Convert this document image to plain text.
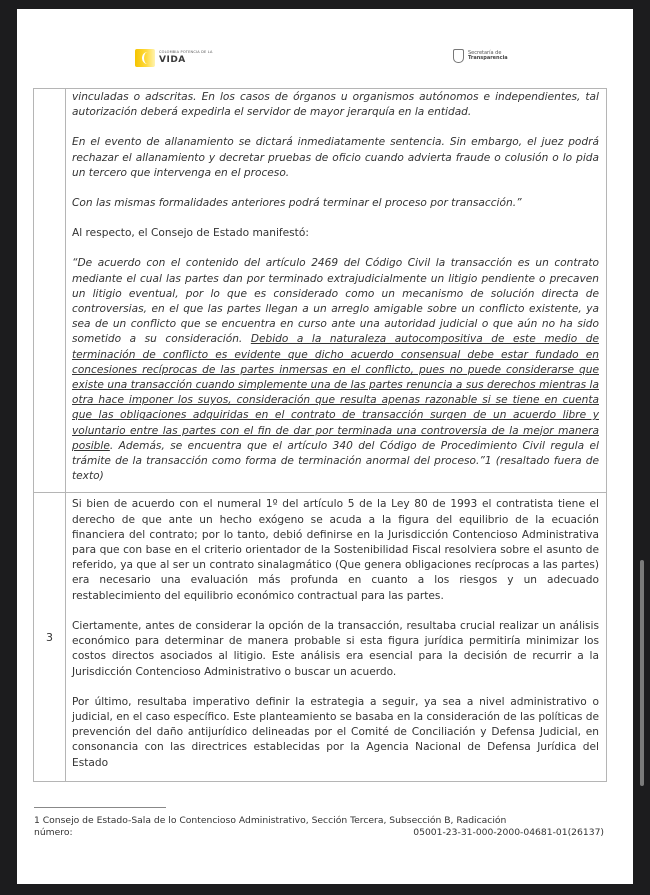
COLOMBIA POTENCIA DE LA
VIDA
Secretaría de
Transparencia

vinculadas o adscritas. En los casos de órganos u organismos autónomos e independientes, tal autorización deberá expedirla el servidor de mayor jerarquía en la entidad.

En el evento de allanamiento se dictará inmediatamente sentencia. Sin embargo, el juez podrá rechazar el allanamiento y decretar pruebas de oficio cuando advierta fraude o colusión o lo pida un tercero que intervenga en el proceso.

Con las mismas formalidades anteriores podrá terminar el proceso por transacción.”

Al respecto, el Consejo de Estado manifestó:

“De acuerdo con el contenido del artículo 2469 del Código Civil la transacción es un contrato mediante el cual las partes dan por terminado extrajudicialmente un litigio pendiente o precaven un litigio eventual, por lo que es considerado como un mecanismo de solución directa de controversias, en el que las partes llegan a un arreglo amigable sobre un conflicto existente, ya sea de un conflicto que se encuentra en curso ante una autoridad judicial o que aún no ha sido sometido a su consideración. Debido a la naturaleza autocompositiva de este medio de terminación de conflicto es evidente que dicho acuerdo consensual debe estar fundado en concesiones recíprocas de las partes inmersas en el conflicto, pues no puede considerarse que existe una transacción cuando simplemente una de las partes renuncia a sus derechos mientras la otra hace imponer los suyos, consideración que resulta apenas razonable si se tiene en cuenta que las obligaciones adquiridas en el contrato de transacción surgen de un acuerdo libre y voluntario entre las partes con el fin de dar por terminada una controversia de la mejor manera posible. Además, se encuentra que el artículo 340 del Código de Procedimiento Civil regula el trámite de la transacción como forma de terminación anormal del proceso.”1 (resaltado fuera de texto)

3

Si bien de acuerdo con el numeral 1º del artículo 5 de la Ley 80 de 1993 el contratista tiene el derecho de que ante un hecho exógeno se acuda a la figura del equilibrio de la ecuación financiera del contrato; por lo tanto, debió definirse en la Jurisdicción Contencioso Administrativa para que con base en el criterio orientador de la Sostenibilidad Fiscal resolviera sobre el asunto de referido, ya que al ser un contrato sinalagmático (Que genera obligaciones recíprocas a las partes) era necesario una evaluación más profunda en cuanto a los riesgos y un adecuado restablecimiento del equilibrio económico contractual para las partes.

Ciertamente, antes de considerar la opción de la transacción, resultaba crucial realizar un análisis económico para determinar de manera probable si esta figura jurídica permitiría minimizar los costos directos asociados al litigio. Este análisis era esencial para la decisión de recurrir a la Jurisdicción Contencioso Administrativo o buscar un acuerdo.

Por último, resultaba imperativo definir la estrategia a seguir, ya sea a nivel administrativo o judicial, en el caso específico. Este planteamiento se basaba en la consideración de las políticas de prevención del daño antijurídico delineadas por el Comité de Conciliación y Defensa Judicial, en consonancia con las directrices establecidas por la Agencia Nacional de Defensa Jurídica del Estado

1 Consejo de Estado-Sala de lo Contencioso Administrativo, Sección Tercera, Subsección B, Radicación
número:	05001-23-31-000-2000-04681-01(26137)
